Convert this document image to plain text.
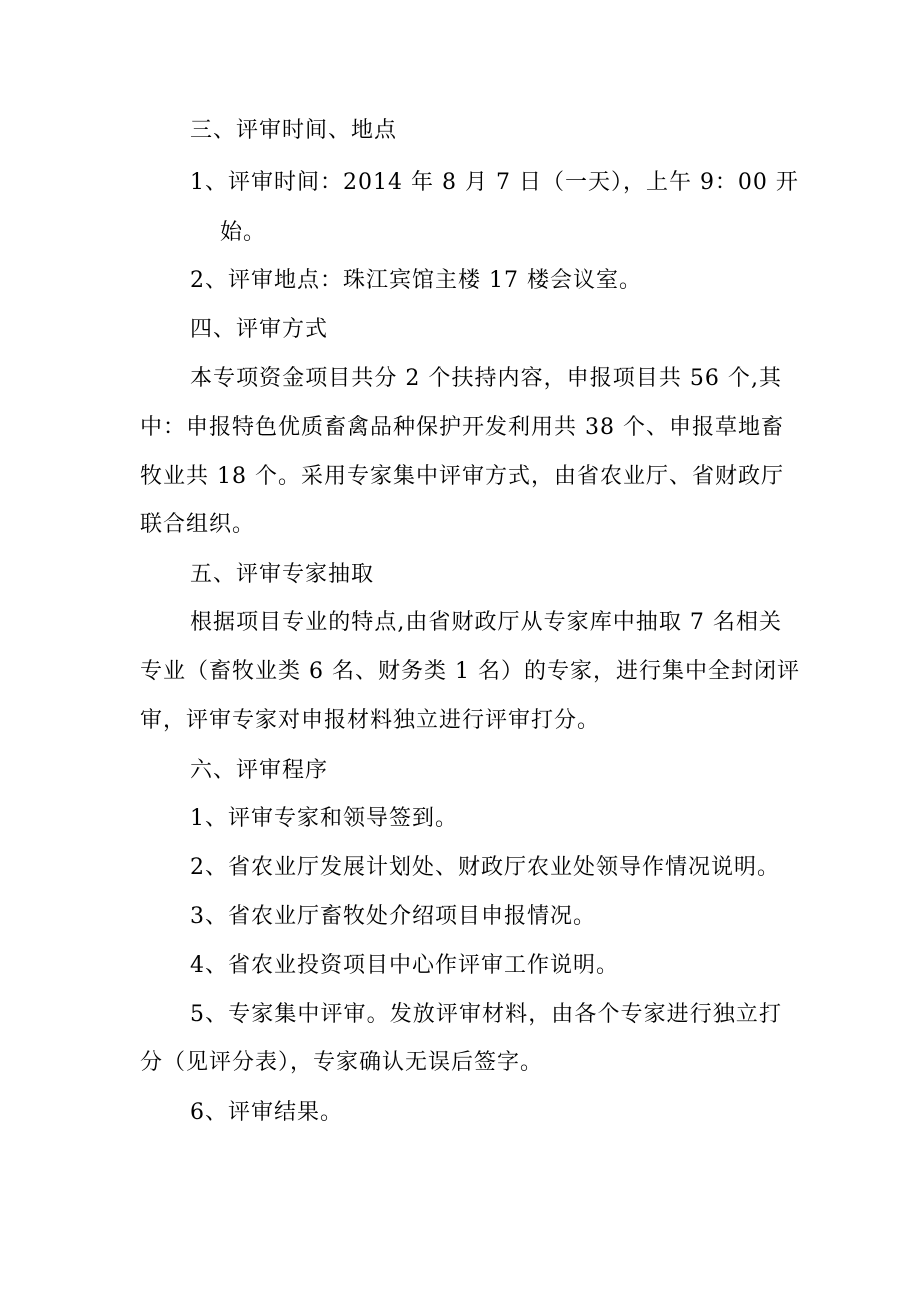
三、评审时间、地点
1、评审时间：2014 年 8 月 7 日（一天），上午 9：00 开
始。
2、评审地点：珠江宾馆主楼 17 楼会议室。
四、评审方式
本专项资金项目共分 2 个扶持内容，申报项目共 56 个,其
中：申报特色优质畜禽品种保护开发利用共 38 个、申报草地畜
牧业共 18 个。采用专家集中评审方式，由省农业厅、省财政厅
联合组织。
五、评审专家抽取
根据项目专业的特点,由省财政厅从专家库中抽取 7 名相关
专业（畜牧业类 6 名、财务类 1 名）的专家，进行集中全封闭评
审，评审专家对申报材料独立进行评审打分。
六、评审程序
1、评审专家和领导签到。
2、省农业厅发展计划处、财政厅农业处领导作情况说明。
3、省农业厅畜牧处介绍项目申报情况。
4、省农业投资项目中心作评审工作说明。
5、专家集中评审。发放评审材料，由各个专家进行独立打
分（见评分表），专家确认无误后签字。
6、评审结果。
